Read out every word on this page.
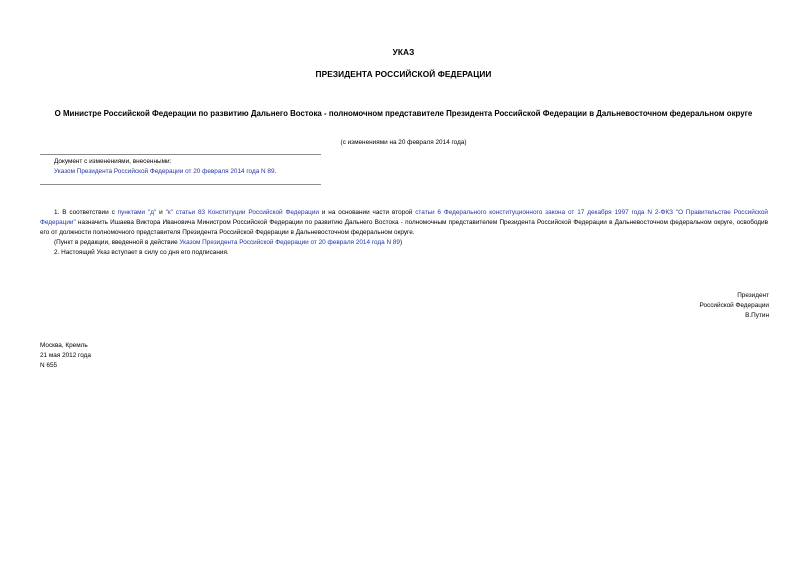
УКАЗ
ПРЕЗИДЕНТА РОССИЙСКОЙ ФЕДЕРАЦИИ
О Министре Российской Федерации по развитию Дальнего Востока - полномочном представителе Президента Российской Федерации в Дальневосточном федеральном округе
(с изменениями на 20 февраля 2014 года)
Документ с изменениями, внесенными:
Указом Президента Российской Федерации от 20 февраля 2014 года N 89.
1. В соответствии с пунктами "д" и "к" статьи 83 Конституции Российской Федерации и на основании части второй статьи 6 Федерального конституционного закона от 17 декабря 1997 года N 2-ФКЗ "О Правительстве Российской Федерации" назначить Ишаева Виктора Ивановича Министром Российской Федерации по развитию Дальнего Востока - полномочным представителем Президента Российской Федерации в Дальневосточном федеральном округе, освободив его от должности полномочного представителя Президента Российской Федерации в Дальневосточном федеральном округе.
(Пункт в редакции, введенной в действие Указом Президента Российской Федерации от 20 февраля 2014 года N 89)
2. Настоящий Указ вступает в силу со дня его подписания.
Президент
Российской Федерации
В.Путин
Москва, Кремль
21 мая 2012 года
N 655
